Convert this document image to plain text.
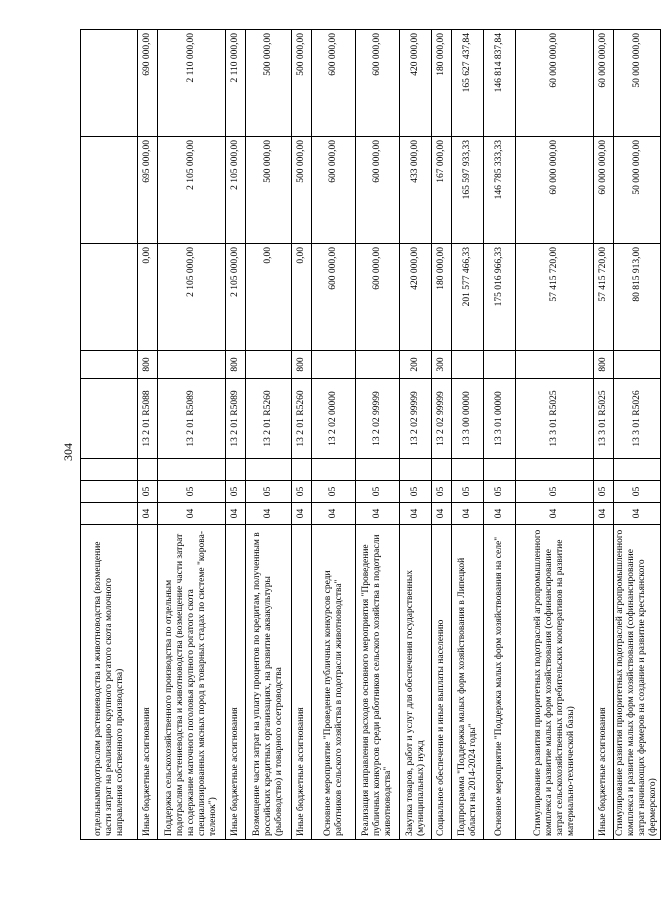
304
отдельнымподотраслям растениеводства и животноводства (возмещение части затрат на реализацию крупного рогатого скота молочного направления собственного производства)								
Иные бюджетные ассигнования	04	05		13 2 01 R5088	800	0,00	695 000,00	690 000,00
Поддержка сельскохозяйственного производства по отдельным подотраслям растениеводства и животноводства (возмещение части затрат на содержание маточного поголовья крупного рогатого скота специализированных мясных пород в товарных стадах по системе "корова-теленок")	04	05		13 2 01 R5089		2 105 000,00	2 105 000,00	2 110 000,00
Иные бюджетные ассигнования	04	05		13 2 01 R5089	800	2 105 000,00	2 105 000,00	2 110 000,00
Возмещение части затрат на уплату процентов по кредитам, полученным в российских кредитных организациях, на развитие аквакультуры (рыбоводство) и товарного осетроводства	04	05		13 2 01 R5260		0,00	500 000,00	500 000,00
Иные бюджетные ассигнования	04	05		13 2 01 R5260	800	0,00	500 000,00	500 000,00
Основное мероприятие "Проведение публичных конкурсов среди работников сельского хозяйства в подотрасли животноводства"	04	05		13 2 02 00000		600 000,00	600 000,00	600 000,00
Реализация направления расходов основного мероприятия "Проведение публичных конкурсов среди работников сельского хозяйства в подотрасли животноводства"	04	05		13 2 02 99999		600 000,00	600 000,00	600 000,00
Закупка товаров, работ и услуг для обеспечения государственных (муниципальных) нужд	04	05		13 2 02 99999	200	420 000,00	433 000,00	420 000,00
Социальное обеспечение и иные выплаты населению	04	05		13 2 02 99999	300	180 000,00	167 000,00	180 000,00
Подпрограмма "Поддержка малых форм хозяйствования в Липецкой области на 2014-2024 годы"	04	05		13 3 00 00000		201 577 466,33	165 597 933,33	165 627 437,84
Основное мероприятие "Поддержка малых форм хозяйствования на селе"	04	05		13 3 01 00000		175 016 966,33	146 785 333,33	146 814 837,84
Стимулирование развития приоритетных подотраслей агропромышленного комплекса и развитие малых форм хозяйствования (софинансирование затрат сельскохозяйственных потребительских кооперативов на развитие материально-технической базы)	04	05		13 3 01 R5025		57 415 720,00	60 000 000,00	60 000 000,00
Иные бюджетные ассигнования	04	05		13 3 01 R5025	800	57 415 720,00	60 000 000,00	60 000 000,00
Стимулирование развития приоритетных подотраслей агропромышленного комплекса и развитие малых форм хозяйствования (софинансирование затрат начинающих фермеров на создание и развитие крестьянского (фермерского)	04	05		13 3 01 R5026		80 815 913,00	50 000 000,00	50 000 000,00
